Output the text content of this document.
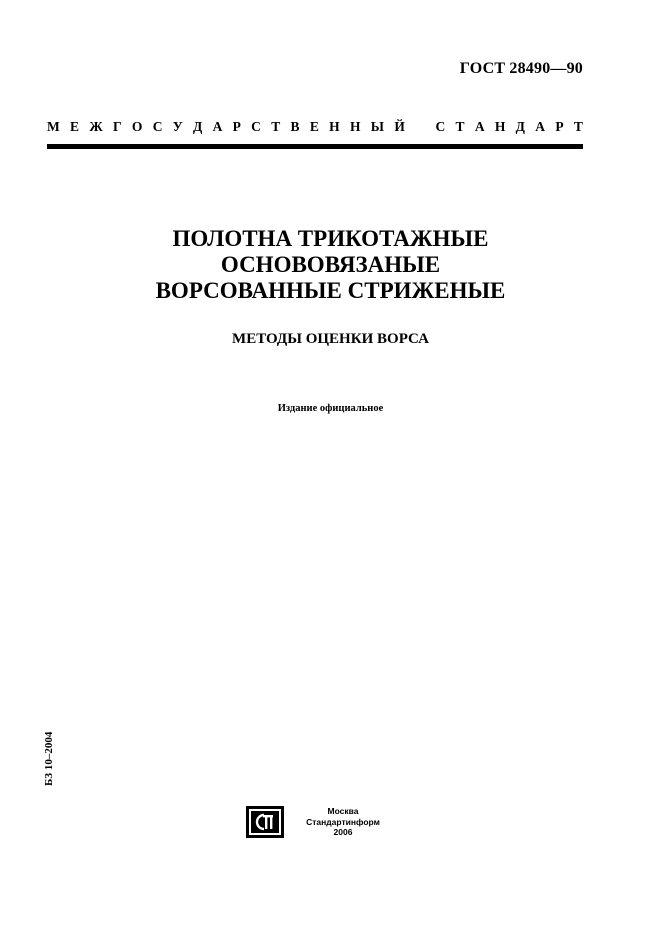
ГОСТ 28490—90
М Е Ж Г О С У Д А Р С Т В Е Н Н Ы Й
С Т А Н Д А Р Т
ПОЛОТНА ТРИКОТАЖНЫЕ
ОСНОВОВЯЗАНЫЕ
ВОРСОВАННЫЕ СТРИЖЕНЫЕ
МЕТОДЫ ОЦЕНКИ ВОРСА
Издание официальное
БЗ 10–2004
Москва
Стандартинформ
2006
